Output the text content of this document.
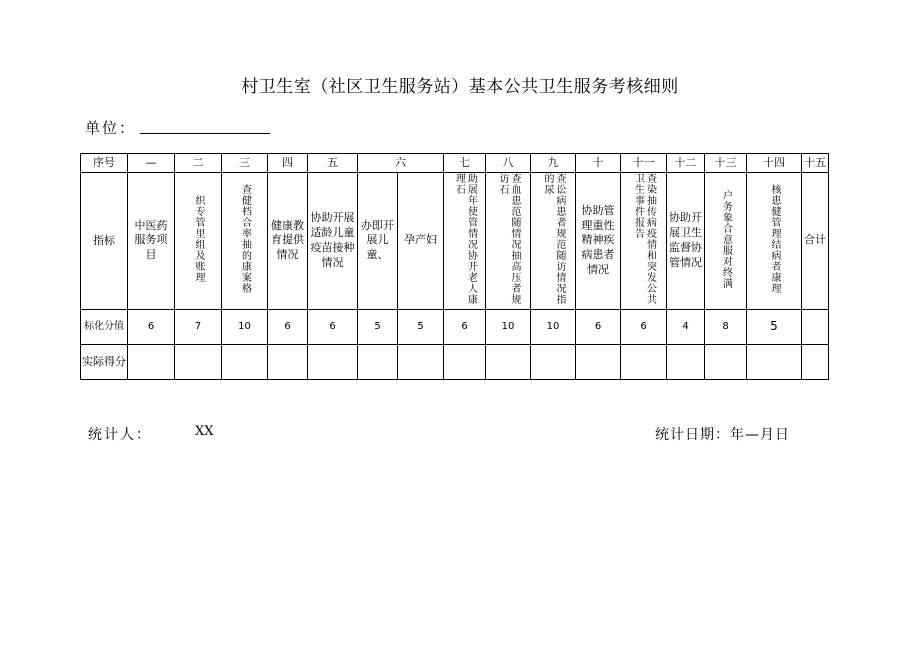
村卫生室（社区卫生服务站）基本公共卫生服务考核细则
单位：
序号	—	二	三	四	五	六		七	八	九	十	十一	十二	十三	十四	十五
指标	中医药服务项目	织专管里组及账理	查健档合率抽的康案格	健康教育提供情况	协助开展适龄儿童疫苗接种情况	办即开展儿童、	孕产妇	助展年使管情况协开老人康理石	查血患范随情况抽高压者规访石	查讼病患者规范随访情况指的尿	协助管理重性精神疾病患者情况	查染抽传病疫情和突发公共卫生事件报告	协助开展卫生监督协管情况	户务象合意服对终满	核患健管理结病者康理	合计
标化分值	6	7	10	6	6	5	5	6	10	10	6	6	4	8	5	
实际得分																
统计人：	XX	统计日期：年—月日
